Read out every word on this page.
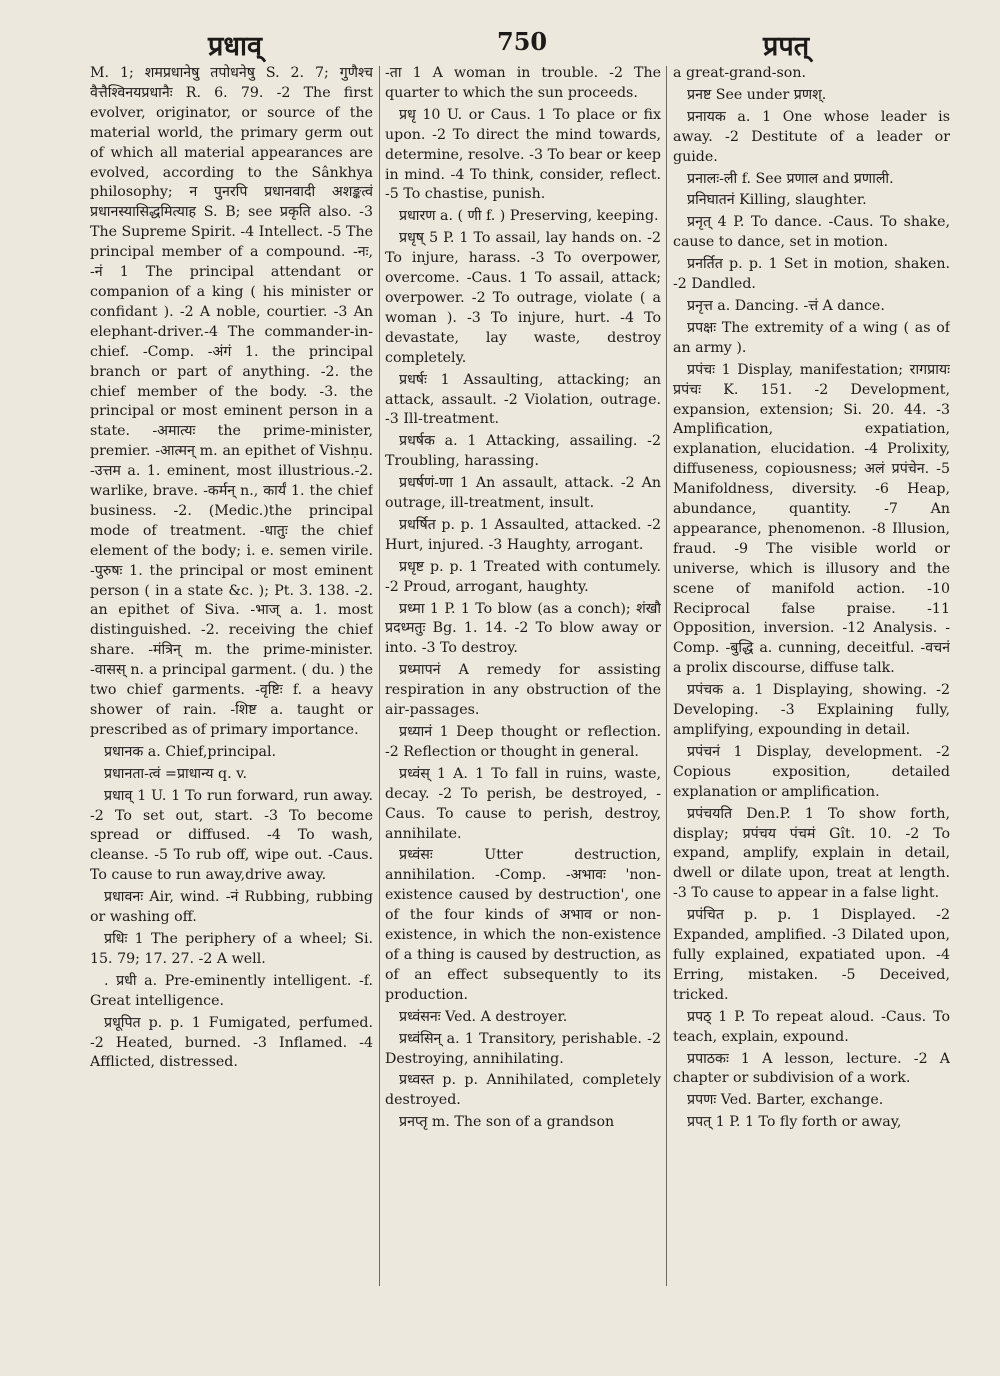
प्रधाव्	750	प्रपत्

M. 1; शमप्रधानेषु तपोधनेषु S. 2. 7; गुणैश्च वैत्तैश्विनयप्रधानैः R. 6. 79. -2 The first evolver, originator, or source of the material world, the primary germ out of which all material appearances are evolved, according to the Sânkhya philosophy; न पुनरपि प्रधानवादी अशङ्कत्वं प्रधानस्यासिद्धमित्याह S. B; see प्रकृति also. -3 The Supreme Spirit. -4 Intellect. -5 The principal member of a compound. -नः, -नं 1 The principal attendant or companion of a king ( his minister or confidant ). -2 A noble, courtier. -3 An elephant-driver.-4 The commander-in-chief. -Comp. -अंगं 1. the principal branch or part of anything. -2. the chief member of the body. -3. the principal or most eminent person in a state. -अमात्यः the prime-minister, premier. -आत्मन् m. an epithet of Vishṇu. -उत्तम a. 1. eminent, most illustrious.-2. warlike, brave. -कर्मन् n., कार्यं 1. the chief business. -2. (Medic.)the principal mode of treatment. -धातुः the chief element of the body; i. e. semen virile. -पुरुषः 1. the principal or most eminent person ( in a state &c. ); Pt. 3. 138. -2. an epithet of Siva. -भाज् a. 1. most distinguished. -2. receiving the chief share. -मंत्रिन् m. the prime-minister. -वासस् n. a principal garment. ( du. ) the two chief garments. -वृष्टिः f. a heavy shower of rain. -शिष्ट a. taught or prescribed as of primary importance.

प्रधानक a. Chief,principal.

प्रधानता-त्वं =प्राधान्य q. v.

प्रधाव् 1 U. 1 To run forward, run away. -2 To set out, start. -3 To become spread or diffused. -4 To wash, cleanse. -5 To rub off, wipe out. -Caus. To cause to run away,drive away.

प्रधावनः Air, wind. -नं Rubbing, rubbing or washing off.

प्रधिः 1 The periphery of a wheel; Si. 15. 79; 17. 27. -2 A well.

. प्रधी a. Pre-eminently intelligent. -f. Great intelligence.

प्रधूपित p. p. 1 Fumigated, perfumed. -2 Heated, burned. -3 Inflamed. -4 Afflicted, distressed.

-ता 1 A woman in trouble. -2 The quarter to which the sun proceeds.

प्रधृ 10 U. or Caus. 1 To place or fix upon. -2 To direct the mind towards, determine, resolve. -3 To bear or keep in mind. -4 To think, consider, reflect. -5 To chastise, punish.

प्रधारण a. ( णी f. ) Preserving, keeping.

प्रधृष् 5 P. 1 To assail, lay hands on. -2 To injure, harass. -3 To overpower, overcome. -Caus. 1 To assail, attack; overpower. -2 To outrage, violate ( a woman ). -3 To injure, hurt. -4 To devastate, lay waste, destroy completely.

प्रधर्षः 1 Assaulting, attacking; an attack, assault. -2 Violation, outrage. -3 Ill-treatment.

प्रधर्षक a. 1 Attacking, assailing. -2 Troubling, harassing.

प्रधर्षणं-णा 1 An assault, attack. -2 An outrage, ill-treatment, insult.

प्रधर्षित p. p. 1 Assaulted, attacked. -2 Hurt, injured. -3 Haughty, arrogant.

प्रधृष्ट p. p. 1 Treated with contumely. -2 Proud, arrogant, haughty.

प्रध्मा 1 P. 1 To blow (as a conch); शंखौ प्रदध्मतुः Bg. 1. 14. -2 To blow away or into. -3 To destroy.

प्रध्मापनं A remedy for assisting respiration in any obstruction of the air-passages.

प्रध्यानं 1 Deep thought or reflection. -2 Reflection or thought in general.

प्रध्वंस् 1 A. 1 To fall in ruins, waste, decay. -2 To perish, be destroyed, -Caus. To cause to perish, destroy, annihilate.

प्रध्वंसः Utter destruction, annihilation. -Comp. -अभावः 'non-existence caused by destruction', one of the four kinds of अभाव or non-existence, in which the non-existence of a thing is caused by destruction, as of an effect subsequently to its production.

प्रध्वंसनः Ved. A destroyer.

प्रध्वंसिन् a. 1 Transitory, perishable. -2 Destroying, annihilating.

प्रध्वस्त p. p. Annihilated, completely destroyed.

प्रनप्तृ m. The son of a grandson

a great-grand-son.

प्रनष्ट See under प्रणश्.

प्रनायक a. 1 One whose leader is away. -2 Destitute of a leader or guide.

प्रनालः-ली f. See प्रणाल and प्रणाली.

प्रनिघातनं Killing, slaughter.

प्रनृत् 4 P. To dance. -Caus. To shake, cause to dance, set in motion.

प्रनर्तित p. p. 1 Set in motion, shaken. -2 Dandled.

प्रनृत्त a. Dancing. -त्तं A dance.

प्रपक्षः The extremity of a wing ( as of an army ).

प्रपंचः 1 Display, manifestation; रागप्रायः प्रपंचः K. 151. -2 Development, expansion, extension; Si. 20. 44. -3 Amplification, expatiation, explanation, elucidation. -4 Prolixity, diffuseness, copiousness; अलं प्रपंचेन. -5 Manifoldness, diversity. -6 Heap, abundance, quantity. -7 An appearance, phenomenon. -8 Illusion, fraud. -9 The visible world or universe, which is illusory and the scene of manifold action. -10 Reciprocal false praise. -11 Opposition, inversion. -12 Analysis. -Comp. -बुद्धि a. cunning, deceitful. -वचनं a prolix discourse, diffuse talk.

प्रपंचक a. 1 Displaying, showing. -2 Developing. -3 Explaining fully, amplifying, expounding in detail.

प्रपंचनं 1 Display, development. -2 Copious exposition, detailed explanation or amplification.

प्रपंचयति Den.P. 1 To show forth, display; प्रपंचय पंचमं Gît. 10. -2 To expand, amplify, explain in detail, dwell or dilate upon, treat at length. -3 To cause to appear in a false light.

प्रपंचित p. p. 1 Displayed. -2 Expanded, amplified. -3 Dilated upon, fully explained, expatiated upon. -4 Erring, mistaken. -5 Deceived, tricked.

प्रपठ् 1 P. To repeat aloud. -Caus. To teach, explain, expound.

प्रपाठकः 1 A lesson, lecture. -2 A chapter or subdivision of a work.

प्रपणः Ved. Barter, exchange.

प्रपत् 1 P. 1 To fly forth or away,
